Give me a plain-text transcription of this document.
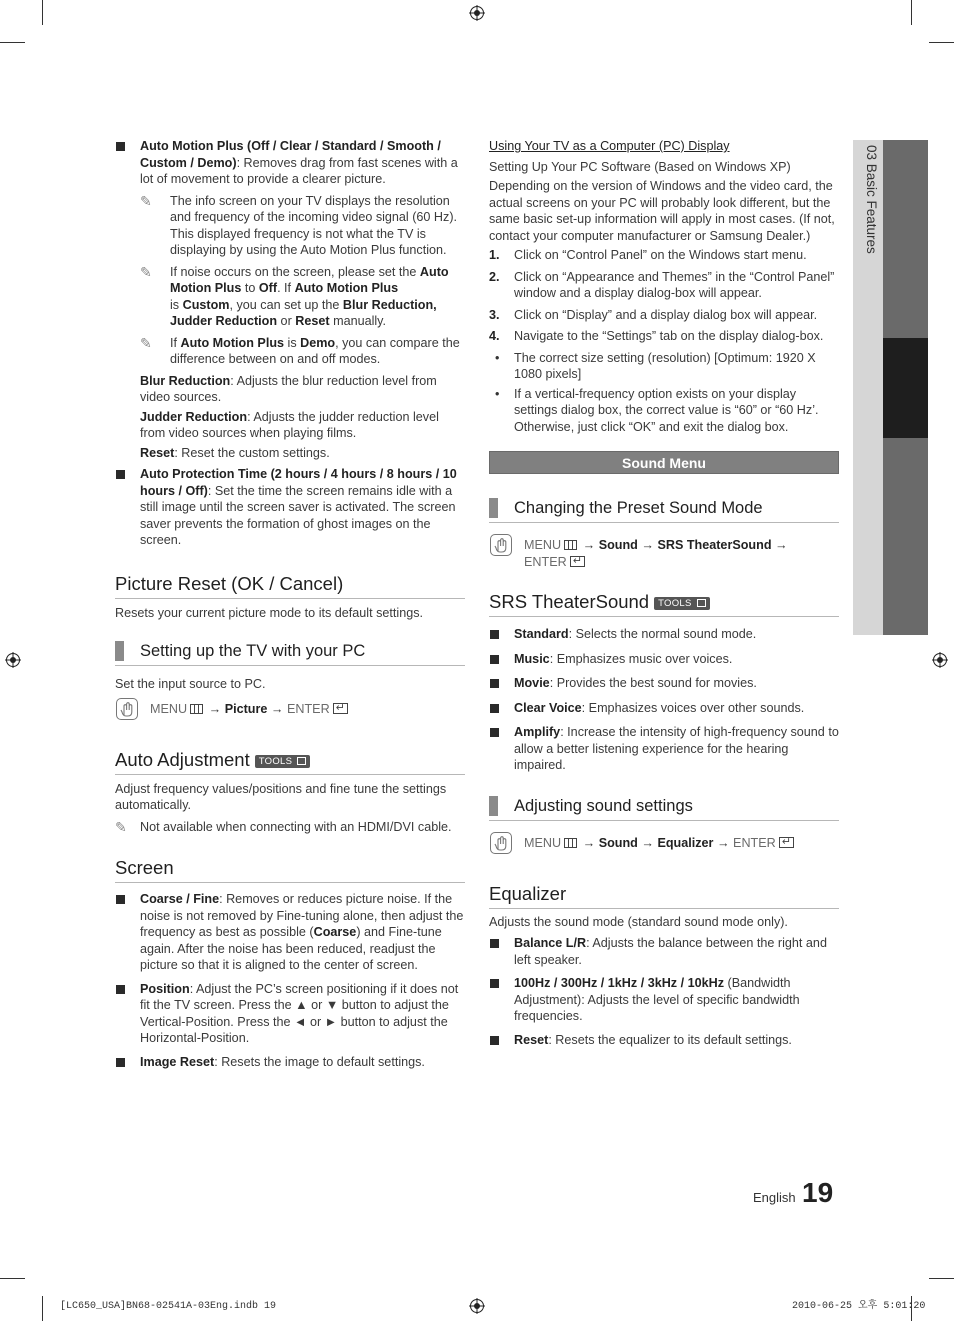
Auto Motion Plus (Off / Clear / Standard / Smooth / Custom / Demo): Removes drag from fast scenes with a lot of movement to provide a clearer picture.

✎	The info screen on your TV displays the resolution and frequency of the incoming video signal (60 Hz). This displayed frequency is not what the TV is displaying by using the Auto Motion Plus function.

✎	If noise occurs on the screen, please set the Auto Motion Plus to Off. If Auto Motion Plus
is Custom, you can set up the Blur Reduction, Judder Reduction or Reset manually.

✎	If Auto Motion Plus is Demo, you can compare the difference between on and off modes.

Blur Reduction: Adjusts the blur reduction level from video sources.

Judder Reduction: Adjusts the judder reduction level from video sources when playing films.

Reset: Reset the custom settings.

Auto Protection Time (2 hours / 4 hours / 8 hours / 10 hours / Off): Set the time the screen remains idle with a still image until the screen saver is activated. The screen saver prevents the formation of ghost images on the screen.

Picture Reset (OK / Cancel)

Resets your current picture mode to its default settings.

Setting up the TV with your PC

Set the input source to PC.

MENU → Picture → ENTER↵
Auto Adjustment TOOLS

Adjust frequency values/positions and fine tune the settings automatically.

✎	Not available when connecting with an HDMI/DVI cable.

Screen

Coarse / Fine: Removes or reduces picture noise. If the noise is not removed by Fine-tuning alone, then adjust the frequency as best as possible (Coarse) and Fine-tune again. After the noise has been reduced, readjust the picture so that it is aligned to the center of screen.

Position: Adjust the PC’s screen positioning if it does not fit the TV screen. Press the ▲ or ▼ button to adjust the Vertical-Position. Press the ◄ or ► button to adjust the Horizontal-Position.

Image Reset: Resets the image to default settings.

Using Your TV as a Computer (PC) Display

Setting Up Your PC Software (Based on Windows XP)

Depending on the version of Windows and the video card, the actual screens on your PC will probably look different, but the same basic set-up information will apply in most cases. (If not, contact your computer manufacturer or Samsung Dealer.)

1. Click on “Control Panel” on the Windows start menu.

2. Click on “Appearance and Themes” in the “Control Panel” window and a display dialog-box will appear.

3. Click on “Display” and a display dialog box will appear.

4. Navigate to the “Settings” tab on the display dialog-box.

• The correct size setting (resolution) [Optimum: 1920 X 1080 pixels]

• If a vertical-frequency option exists on your display settings dialog box, the correct value is “60” or “60 Hz’. Otherwise, just click “OK” and exit the dialog box.

Sound Menu
Changing the Preset Sound Mode
MENU → Sound → SRS TheaterSound →
ENTER↵
SRS TheaterSound TOOLS

Standard: Selects the normal sound mode.

Music: Emphasizes music over voices.

Movie: Provides the best sound for movies.

Clear Voice: Emphasizes voices over other sounds.

Amplify: Increase the intensity of high-frequency sound to allow a better listening experience for the hearing impaired.

Adjusting sound settings
MENU → Sound → Equalizer → ENTER↵
Equalizer

Adjusts the sound mode (standard sound mode only).

Balance L/R: Adjusts the balance between the right and left speaker.

100Hz / 300Hz / 1kHz / 3kHz / 10kHz (Bandwidth Adjustment): Adjusts the level of specific bandwidth frequencies.

Reset: Resets the equalizer to its default settings.

03 Basic Features
English 19
[LC650_USA]BN68-02541A-03Eng.indb 19	2010-06-25 오후 5:01:20
